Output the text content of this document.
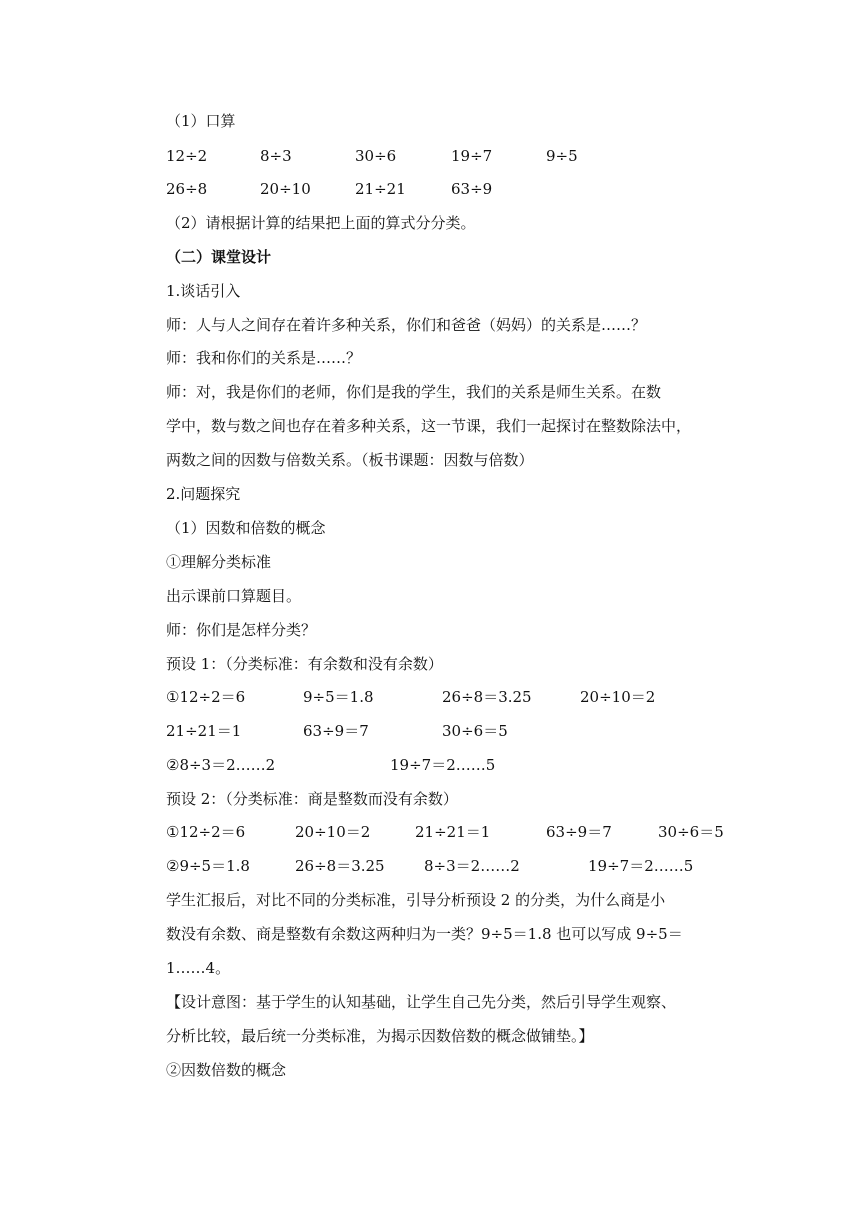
（1）口算
12÷2	8÷3	30÷6	19÷7	9÷5
26÷8	20÷10	21÷21	63÷9
（2）请根据计算的结果把上面的算式分分类。
（二）课堂设计
1.谈话引入
师：人与人之间存在着许多种关系，你们和爸爸（妈妈）的关系是……？
师：我和你们的关系是……？
师：对，我是你们的老师，你们是我的学生，我们的关系是师生关系。在数
学中，数与数之间也存在着多种关系，这一节课，我们一起探讨在整数除法中，
两数之间的因数与倍数关系。（板书课题：因数与倍数）
2.问题探究
（1）因数和倍数的概念
①理解分类标准
出示课前口算题目。
师：你们是怎样分类？
预设 1：（分类标准：有余数和没有余数）
①12÷2＝6	9÷5＝1.8	26÷8＝3.25	20÷10＝2
21÷21＝1	63÷9＝7	30÷6＝5
②8÷3＝2……2	19÷7＝2……5
预设 2：（分类标准：商是整数而没有余数）
①12÷2＝6	20÷10＝2	21÷21＝1	63÷9＝7	30÷6＝5
②9÷5＝1.8	26÷8＝3.25	8÷3＝2……2	19÷7＝2……5
学生汇报后，对比不同的分类标准，引导分析预设 2 的分类，为什么商是小
数没有余数、商是整数有余数这两种归为一类？9÷5＝1.8 也可以写成 9÷5＝
1……4。
【设计意图：基于学生的认知基础，让学生自己先分类，然后引导学生观察、
分析比较，最后统一分类标准，为揭示因数倍数的概念做铺垫。】
②因数倍数的概念
